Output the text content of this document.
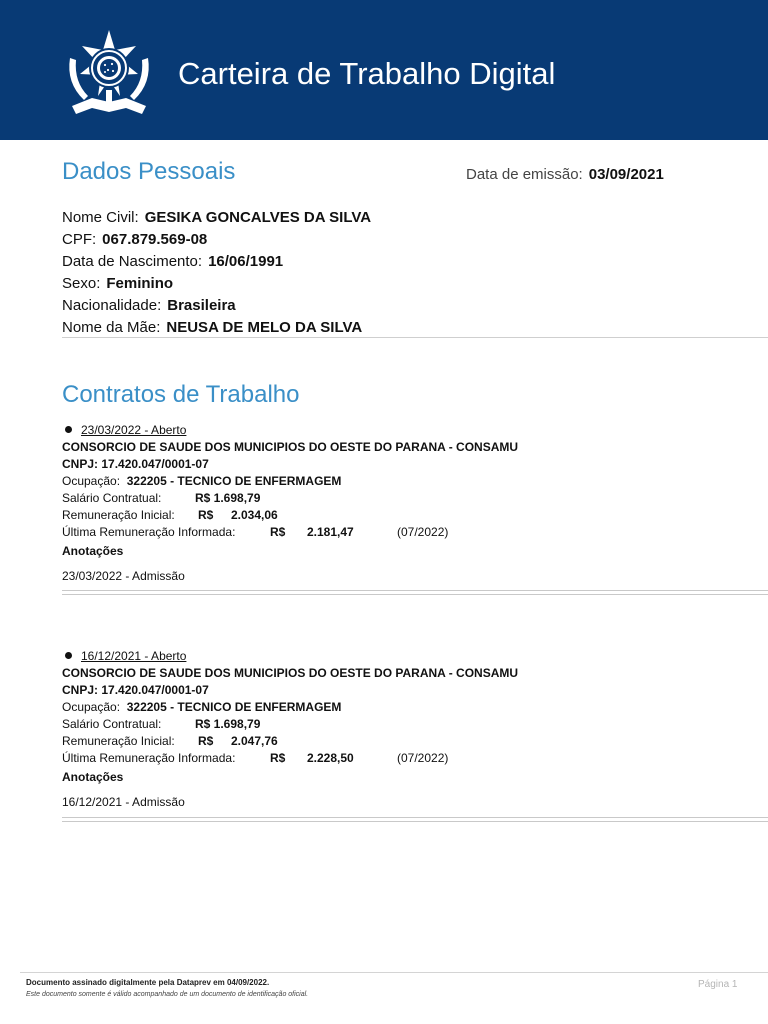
Carteira de Trabalho Digital
Dados Pessoais	Data de emissão: 03/09/2021
Nome Civil: GESIKA GONCALVES DA SILVA
CPF: 067.879.569-08
Data de Nascimento: 16/06/1991
Sexo: Feminino
Nacionalidade: Brasileira
Nome da Mãe: NEUSA DE MELO DA SILVA
Contratos de Trabalho
23/03/2022 - Aberto
CONSORCIO DE SAUDE DOS MUNICIPIOS DO OESTE DO PARANA - CONSAMU
CNPJ: 17.420.047/0001-07
Ocupação: 322205 - TECNICO DE ENFERMAGEM
Salário Contratual:	R$ 1.698,79
Remuneração Inicial: R$ 2.034,06
Última Remuneração Informada:	R$ 2.181,47	(07/2022)
Anotações
23/03/2022 - Admissão
16/12/2021 - Aberto
CONSORCIO DE SAUDE DOS MUNICIPIOS DO OESTE DO PARANA - CONSAMU
CNPJ: 17.420.047/0001-07
Ocupação: 322205 - TECNICO DE ENFERMAGEM
Salário Contratual:	R$ 1.698,79
Remuneração Inicial: R$ 2.047,76
Última Remuneração Informada:	R$ 2.228,50	(07/2022)
Anotações
16/12/2021 - Admissão
Documento assinado digitalmente pela Dataprev em 04/09/2022.
Este documento somente é válido acompanhado de um documento de identificação oficial.
Página 1
